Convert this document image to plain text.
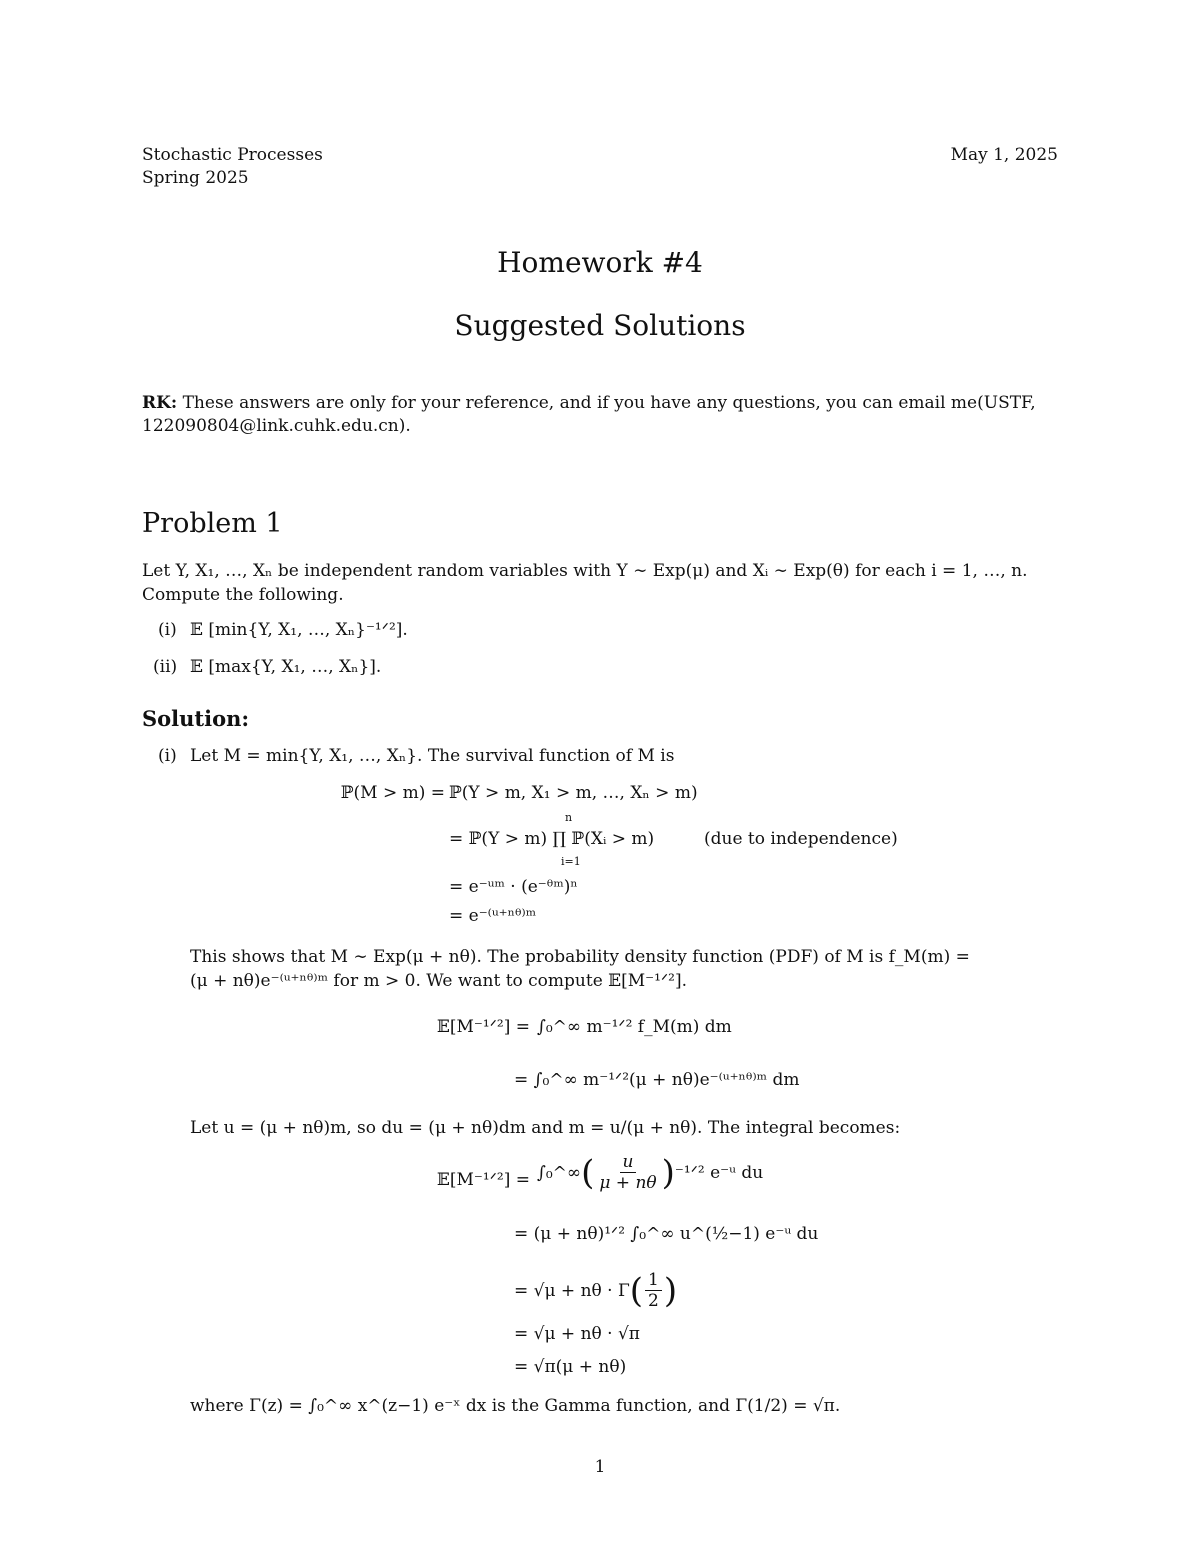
Stochastic Processes
Spring 2025
May 1, 2025
Homework #4
Suggested Solutions
RK: These answers are only for your reference, and if you have any questions, you can email me(USTF,
122090804@link.cuhk.edu.cn).
Problem 1
Let Y, X₁, …, Xₙ be independent random variables with Y ∼ Exp(μ) and Xᵢ ∼ Exp(θ) for each i = 1, …, n.
Compute the following.
(i) 𝔼 [min{Y, X₁, …, Xₙ}⁻¹ᐟ²].
(ii) 𝔼 [max{Y, X₁, …, Xₙ}].
Solution:
(i) Let M = min{Y, X₁, …, Xₙ}. The survival function of M is
ℙ(M > m) = ℙ(Y > m, X₁ > m, …, Xₙ > m)
= ℙ(Y > m) ∏ ℙ(Xᵢ > m)
n
i=1
(due to independence)
= e⁻ᵘᵐ · (e⁻ᶿᵐ)ⁿ
= e⁻⁽ᵘ⁺ⁿᶿ⁾ᵐ
This shows that M ∼ Exp(μ + nθ). The probability density function (PDF) of M is f_M(m) =
(μ + nθ)e⁻⁽ᵘ⁺ⁿᶿ⁾ᵐ for m > 0. We want to compute 𝔼[M⁻¹ᐟ²].
𝔼[M⁻¹ᐟ²] = ∫₀^∞ m⁻¹ᐟ² f_M(m) dm
= ∫₀^∞ m⁻¹ᐟ²(μ + nθ)e⁻⁽ᵘ⁺ⁿᶿ⁾ᵐ dm
Let u = (μ + nθ)m, so du = (μ + nθ)dm and m = u/(μ + nθ). The integral becomes:
𝔼[M⁻¹ᐟ²] = ∫₀^∞ ( $\frac{u}{\mu + n\theta}$ ) ⁻¹ᐟ² e⁻ᵘ du
= (μ + nθ)¹ᐟ² ∫₀^∞ u^(½−1) e⁻ᵘ du
= √μ + nθ · Γ ( $\frac{1}{2}$ )
= √μ + nθ · √π
= √π(μ + nθ)
where Γ(z) = ∫₀^∞ x^(z−1) e⁻ˣ dx is the Gamma function, and Γ(1/2) = √π.
1
